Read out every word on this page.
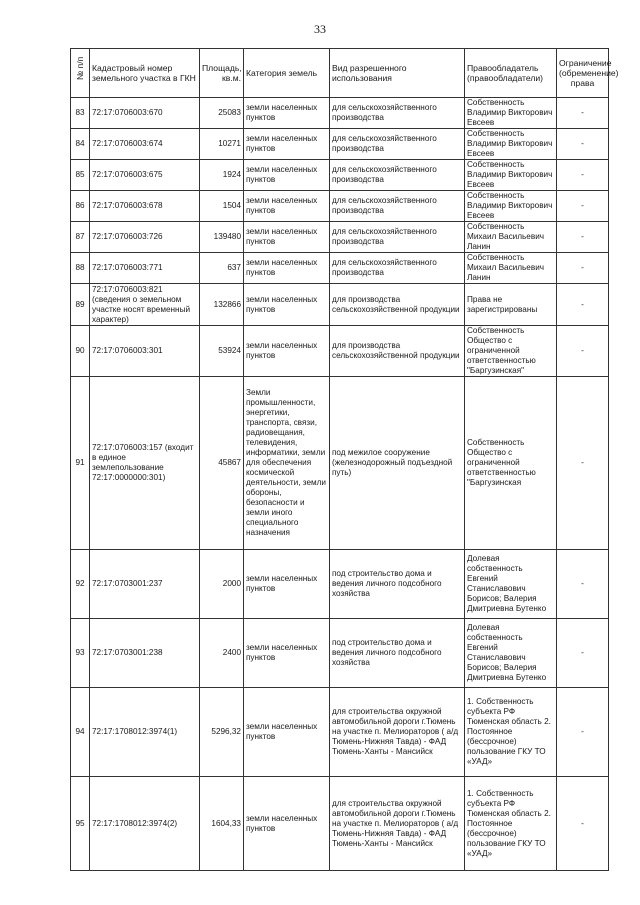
33
№ п/п	Кадастровый номер земельного участка в ГКН	Площадь, кв.м.	Категория земель	Вид разрешенного использования	Правообладатель (правообладатели)	Ограничение (обременение) права
83	72:17:0706003:670	25083	земли населенных пунктов	для сельскохозяйственного производства	Собственность Владимир Викторович Евсеев	-
84	72:17:0706003:674	10271	земли населенных пунктов	для сельскохозяйственного производства	Собственность Владимир Викторович Евсеев	-
85	72:17:0706003:675	1924	земли населенных пунктов	для сельскохозяйственного производства	Собственность Владимир Викторович Евсеев	-
86	72:17:0706003:678	1504	земли населенных пунктов	для сельскохозяйственного производства	Собственность Владимир Викторович Евсеев	-
87	72:17:0706003:726	139480	земли населенных пунктов	для сельскохозяйственного производства	Собственность Михаил Васильевич Ланин	-
88	72:17:0706003:771	637	земли населенных пунктов	для сельскохозяйственного производства	Собственность Михаил Васильевич Ланин	-
89	72:17:0706003:821 (сведения о земельном участке носят временный характер)	132866	земли населенных пунктов	для производства сельскохозяйственной продукции	Права не зарегистрированы	-
90	72:17:0706003:301	53924	земли населенных пунктов	для производства сельскохозяйственной продукции	Собственность Общество с ограниченной ответственностью "Баргузинская"	-
91	72:17:0706003:157 (входит в единое землепользование 72:17:0000000:301)	45867	Земли промышленности, энергетики, транспорта, связи, радиовещания, телевидения, информатики, земли для обеспечения космической деятельности, земли обороны, безопасности и земли иного специального назначения	под межилое сооружение (железнодорожный подъездной путь)	Собственность Общество с ограниченной ответственностью "Баргузинская	-
92	72:17:0703001:237	2000	земли населенных пунктов	под строительство дома и ведения личного подсобного хозяйства	Долевая собственность Евгений Станиславович Борисов; Валерия Дмитриевна Бутенко	-
93	72:17:0703001:238	2400	земли населенных пунктов	под строительство дома и ведения личного подсобного хозяйства	Долевая собственность Евгений Станиславович Борисов; Валерия Дмитриевна Бутенко	-
94	72:17:1708012:3974(1)	5296,32	земли населенных пунктов	для строительства окружной автомобильной дороги г.Тюмень на участке п. Мелиораторов ( а/д Тюмень-Нижняя Тавда) - ФАД Тюмень-Ханты - Мансийск	1. Собственность субъекта РФ Тюменская область 2. Постоянное (бессрочное) пользование ГКУ ТО «УАД»	-
95	72:17:1708012:3974(2)	1604,33	земли населенных пунктов	для строительства окружной автомобильной дороги г.Тюмень на участке п. Мелиораторов ( а/д Тюмень-Нижняя Тавда) - ФАД Тюмень-Ханты - Мансийск	1. Собственность субъекта РФ Тюменская область 2. Постоянное (бессрочное) пользование ГКУ ТО «УАД»	-
